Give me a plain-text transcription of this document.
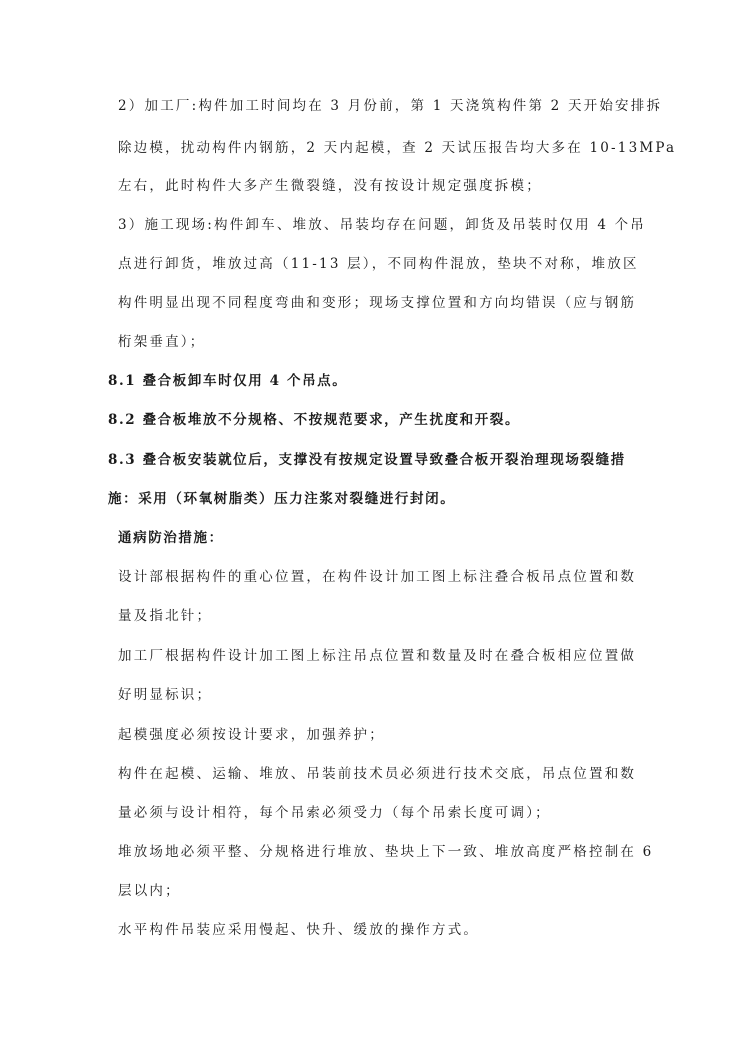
2）加工厂:构件加工时间均在 3 月份前，第 1 天浇筑构件第 2 天开始安排拆
除边模，扰动构件内钢筋，2 天内起模，查 2 天试压报告均大多在 10-13MPa
左右，此时构件大多产生微裂缝，没有按设计规定强度拆模；
3）施工现场:构件卸车、堆放、吊装均存在问题，卸货及吊装时仅用 4 个吊
点进行卸货，堆放过高（11-13 层），不同构件混放，垫块不对称，堆放区
构件明显出现不同程度弯曲和变形；现场支撑位置和方向均错误（应与钢筋
桁架垂直）；
8.1 叠合板卸车时仅用 4 个吊点。
8.2 叠合板堆放不分规格、不按规范要求，产生扰度和开裂。
8.3 叠合板安装就位后，支撑没有按规定设置导致叠合板开裂治理现场裂缝措
施：采用（环氧树脂类）压力注浆对裂缝进行封闭。
通病防治措施：
设计部根据构件的重心位置，在构件设计加工图上标注叠合板吊点位置和数
量及指北针；
加工厂根据构件设计加工图上标注吊点位置和数量及时在叠合板相应位置做
好明显标识；
起模强度必须按设计要求，加强养护；
构件在起模、运输、堆放、吊装前技术员必须进行技术交底，吊点位置和数
量必须与设计相符，每个吊索必须受力（每个吊索长度可调）；
堆放场地必须平整、分规格进行堆放、垫块上下一致、堆放高度严格控制在 6
层以内；
水平构件吊装应采用慢起、快升、缓放的操作方式。
